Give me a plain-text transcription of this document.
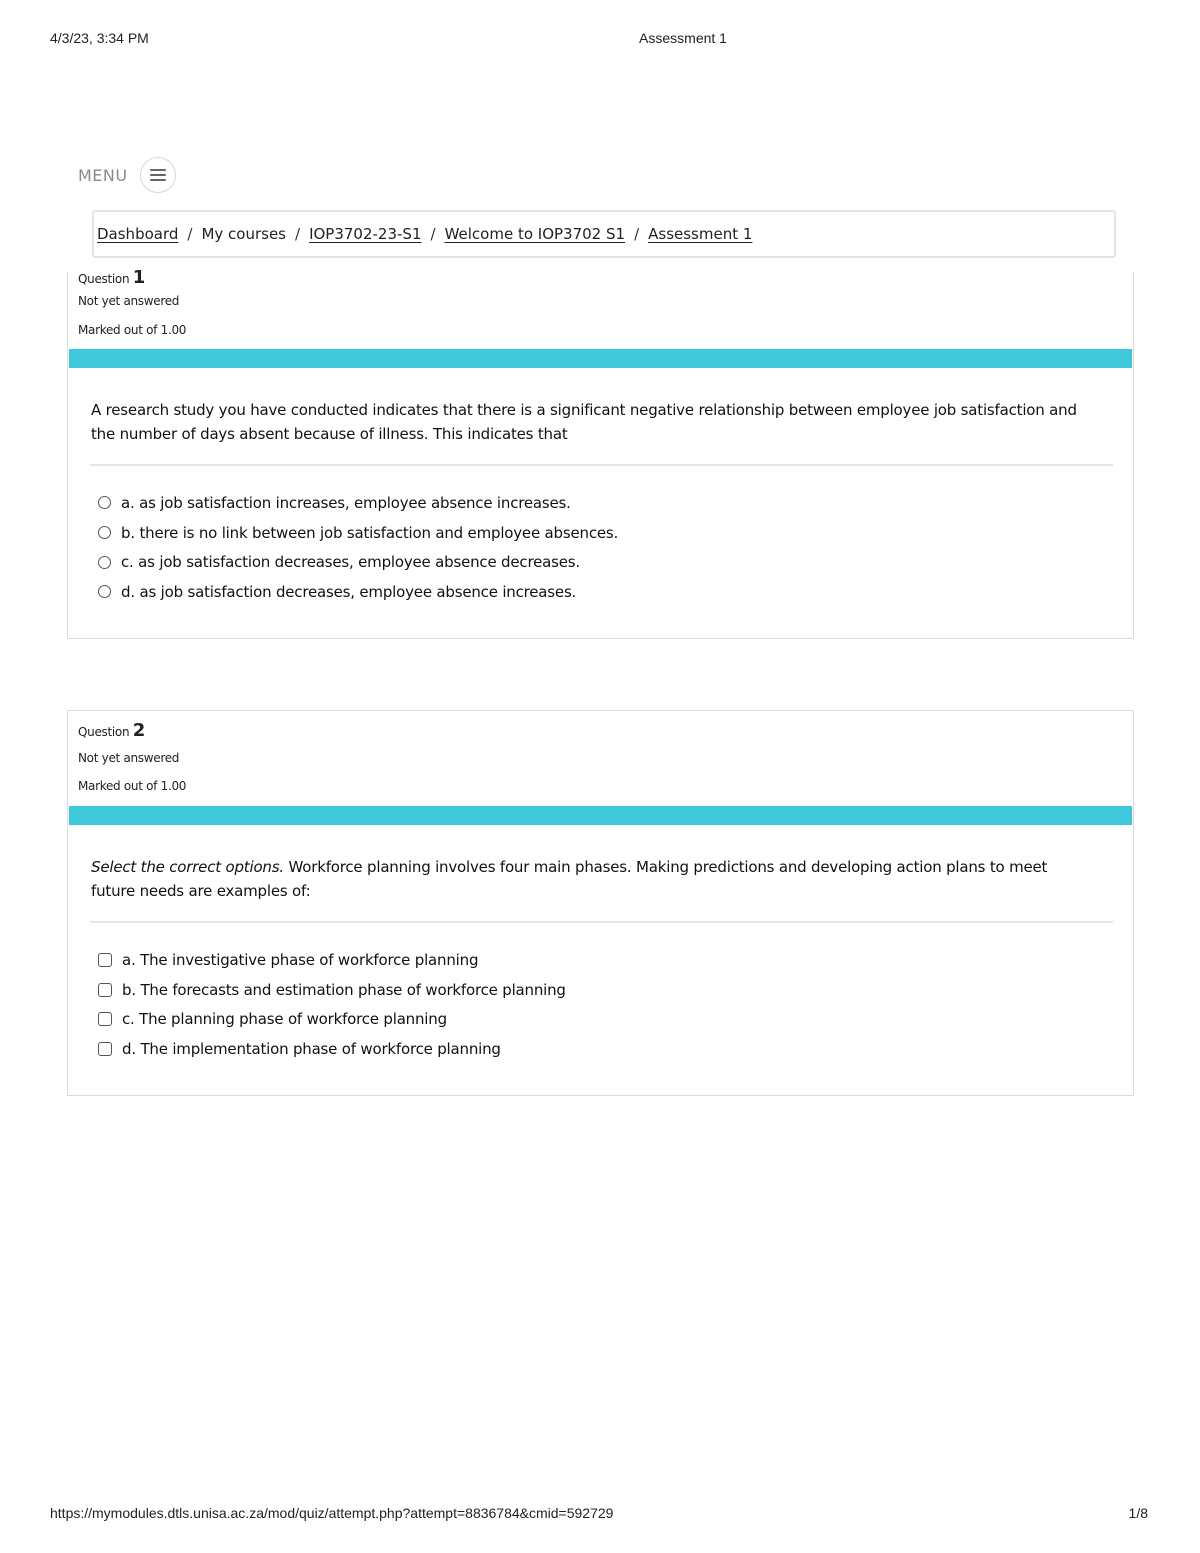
4/3/23, 3:34 PM	Assessment 1
MENU
Dashboard / My courses / IOP3702-23-S1 / Welcome to IOP3702 S1 / Assessment 1
Question 1
Not yet answered
Marked out of 1.00
A research study you have conducted indicates that there is a significant negative relationship between employee job satisfaction and the number of days absent because of illness. This indicates that
a. as job satisfaction increases, employee absence increases.
b. there is no link between job satisfaction and employee absences.
c. as job satisfaction decreases, employee absence decreases.
d. as job satisfaction decreases, employee absence increases.
Question 2
Not yet answered
Marked out of 1.00
Select the correct options. Workforce planning involves four main phases. Making predictions and developing action plans to meet future needs are examples of:
a. The investigative phase of workforce planning
b. The forecasts and estimation phase of workforce planning
c. The planning phase of workforce planning
d. The implementation phase of workforce planning
https://mymodules.dtls.unisa.ac.za/mod/quiz/attempt.php?attempt=8836784&cmid=592729	1/8
